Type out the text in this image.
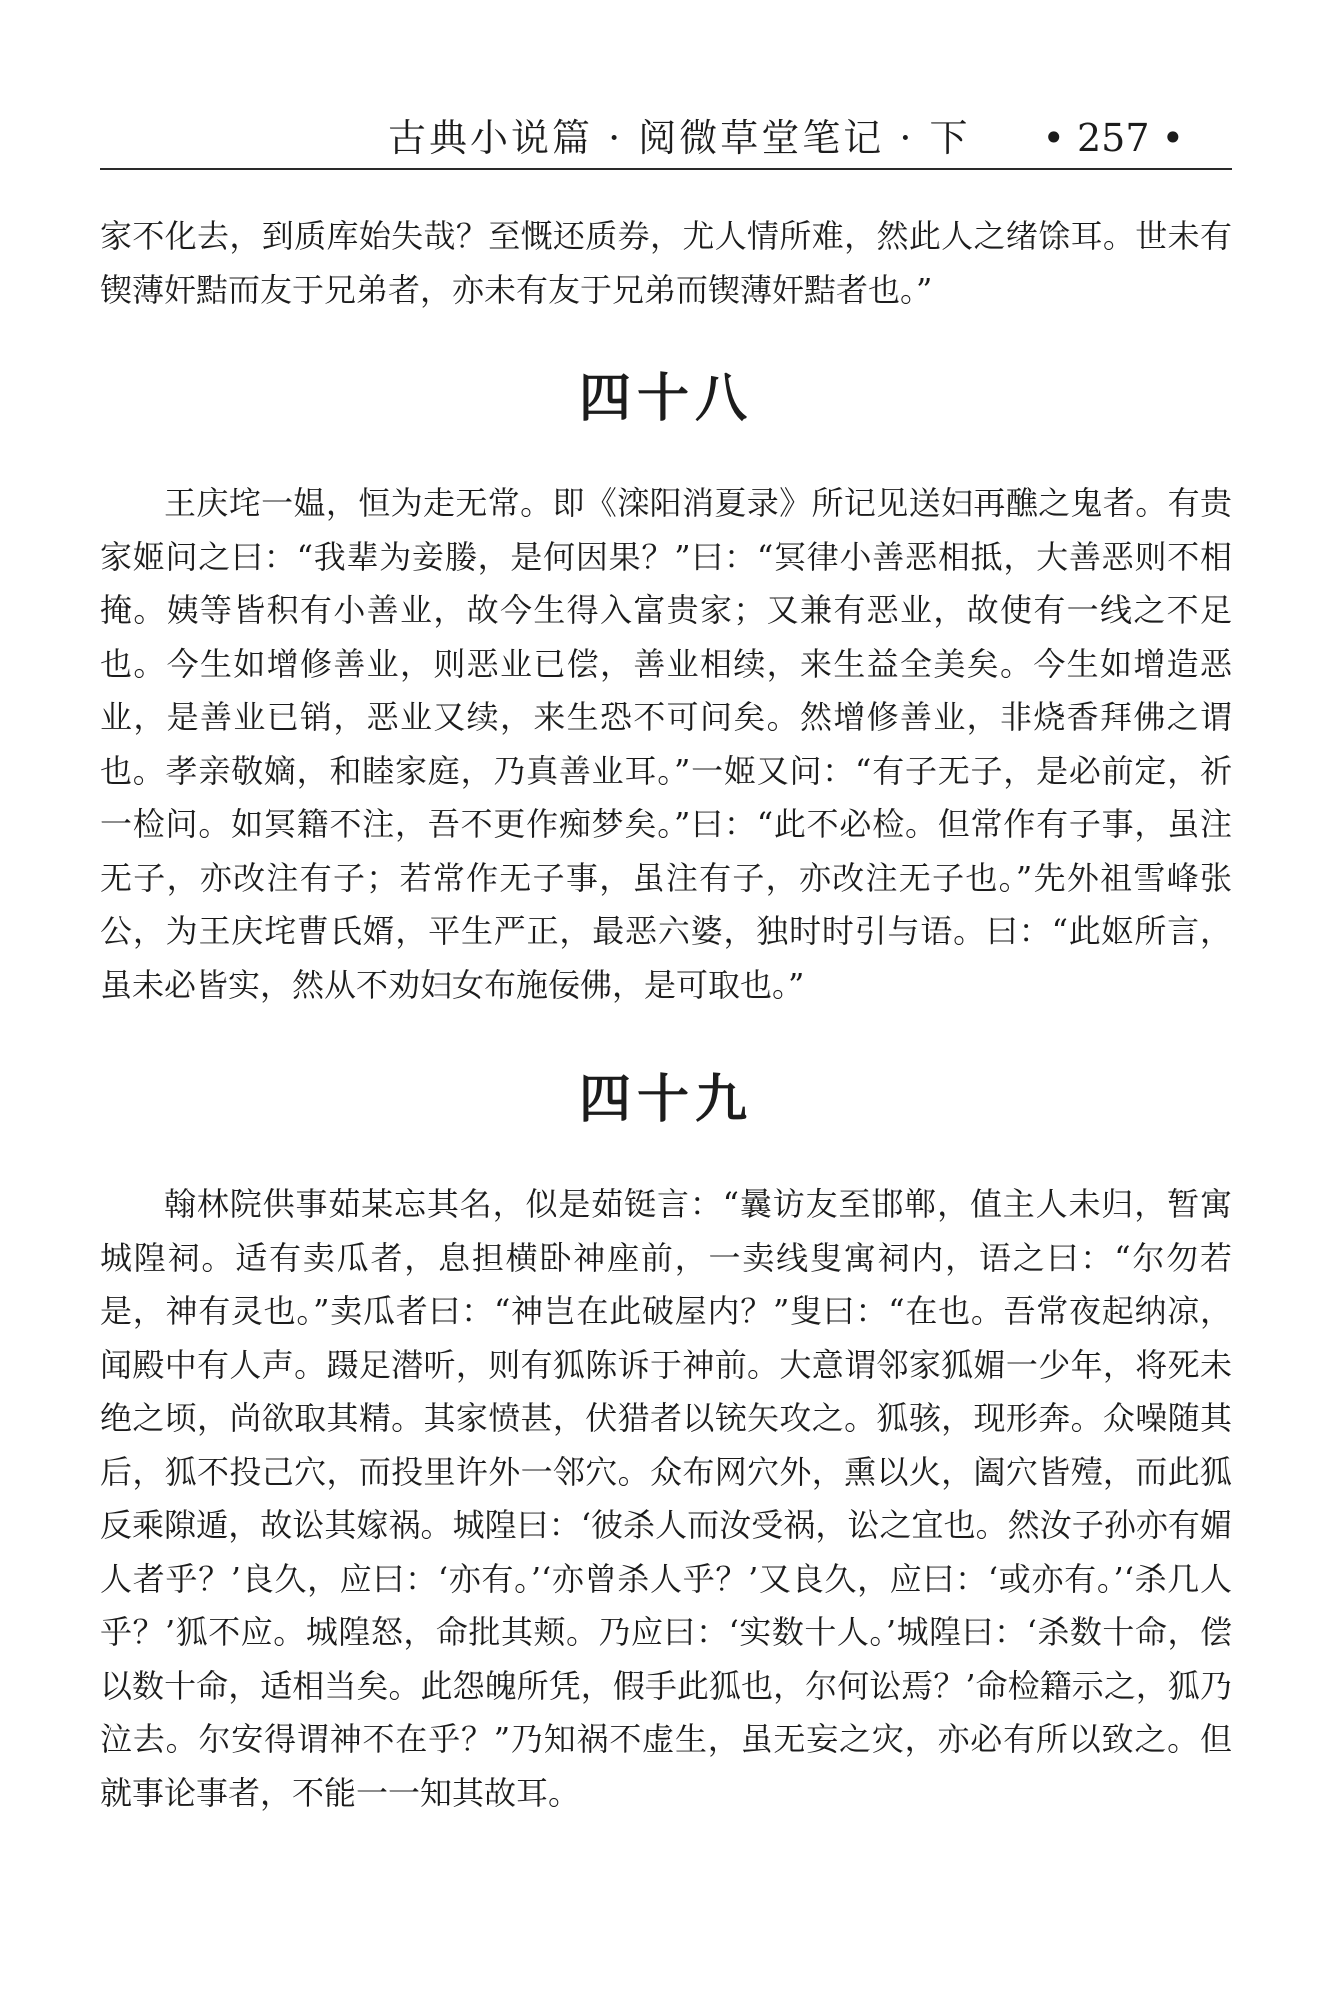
古典小说篇 · 阅微草堂笔记 · 下 • 257 •

家不化去，到质库始失哉？至慨还质券，尤人情所难，然此人之绪馀耳。世未有锲薄奸黠而友于兄弟者，亦未有友于兄弟而锲薄奸黠者也。”

四十八

王庆垞一媪，恒为走无常。即《滦阳消夏录》所记见送妇再醮之鬼者。有贵家姬问之曰：“我辈为妾媵，是何因果？”曰：“冥律小善恶相抵，大善恶则不相掩。姨等皆积有小善业，故今生得入富贵家；又兼有恶业，故使有一线之不足也。今生如增修善业，则恶业已偿，善业相续，来生益全美矣。今生如增造恶业，是善业已销，恶业又续，来生恐不可问矣。然增修善业，非烧香拜佛之谓也。孝亲敬嫡，和睦家庭，乃真善业耳。”一姬又问：“有子无子，是必前定，祈一检问。如冥籍不注，吾不更作痴梦矣。”曰：“此不必检。但常作有子事，虽注无子，亦改注有子；若常作无子事，虽注有子，亦改注无子也。”先外祖雪峰张公，为王庆垞曹氏婿，平生严正，最恶六婆，独时时引与语。曰：“此妪所言，虽未必皆实，然从不劝妇女布施佞佛，是可取也。”

四十九

翰林院供事茹某忘其名，似是茹铤言：“曩访友至邯郸，值主人未归，暂寓城隍祠。适有卖瓜者，息担横卧神座前，一卖线叟寓祠内，语之曰：“尔勿若是，神有灵也。”卖瓜者曰：“神岂在此破屋内？”叟曰：“在也。吾常夜起纳凉，闻殿中有人声。蹑足潜听，则有狐陈诉于神前。大意谓邻家狐媚一少年，将死未绝之顷，尚欲取其精。其家愤甚，伏猎者以铳矢攻之。狐骇，现形奔。众噪随其后，狐不投己穴，而投里许外一邻穴。众布网穴外，熏以火，阖穴皆殪，而此狐反乘隙遁，故讼其嫁祸。城隍曰：‘彼杀人而汝受祸，讼之宜也。然汝子孙亦有媚人者乎？’良久，应曰：‘亦有。’‘亦曾杀人乎？’又良久，应曰：‘或亦有。’‘杀几人乎？’狐不应。城隍怒，命批其颊。乃应曰：‘实数十人。’城隍曰：‘杀数十命，偿以数十命，适相当矣。此怨魄所凭，假手此狐也，尔何讼焉？’命检籍示之，狐乃泣去。尔安得谓神不在乎？”乃知祸不虚生，虽无妄之灾，亦必有所以致之。但就事论事者，不能一一知其故耳。
